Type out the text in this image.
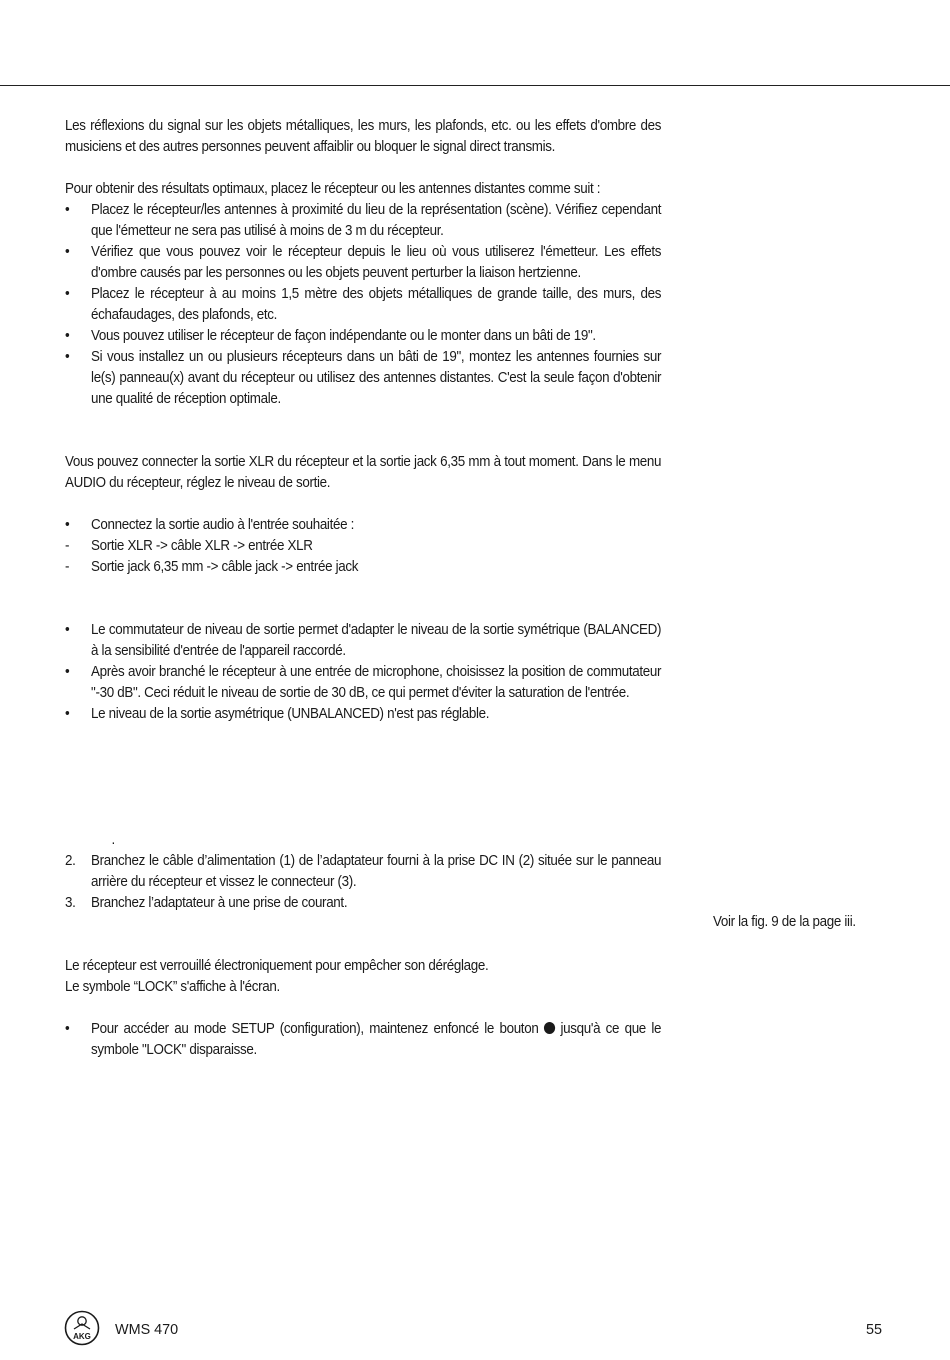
Les réflexions du signal sur les objets métalliques, les murs, les plafonds, etc. ou les effets d'ombre des musiciens et des autres personnes peuvent affaiblir ou bloquer le signal direct transmis.

Pour obtenir des résultats optimaux, placez le récepteur ou les antennes distantes comme suit :

•	Placez le récepteur/les antennes à proximité du lieu de la représentation (scène). Vérifiez cependant que l'émetteur ne sera pas utilisé à moins de 3 m du récepteur.
•	Vérifiez que vous pouvez voir le récepteur depuis le lieu où vous utiliserez l'émetteur. Les effets d'ombre causés par les personnes ou les objets peuvent perturber la liaison hertzienne.
•	Placez le récepteur à au moins 1,5 mètre des objets métalliques de grande taille, des murs, des échafaudages, des plafonds, etc.
•	Vous pouvez utiliser le récepteur de façon indépendante ou le monter dans un bâti de 19".
•	Si vous installez un ou plusieurs récepteurs dans un bâti de 19", montez les antennes fournies sur le(s) panneau(x) avant du récepteur ou utilisez des antennes distantes. C'est la seule façon d'obtenir une qualité de réception optimale.

Vous pouvez connecter la sortie XLR du récepteur et la sortie jack 6,35 mm à tout moment. Dans le menu AUDIO du récepteur, réglez le niveau de sortie.

•	Connectez la sortie audio à l'entrée souhaitée :
-	Sortie XLR -> câble XLR -> entrée XLR
-	Sortie jack 6,35 mm -> câble jack -> entrée jack
•	Le commutateur de niveau de sortie permet d'adapter le niveau de la sortie symétrique (BALANCED) à la sensibilité d'entrée de l'appareil raccordé.
•	Après avoir branché le récepteur à une entrée de microphone, choisissez la position de commutateur "-30 dB". Ceci réduit le niveau de sortie de 30 dB, ce qui permet d'éviter la saturation de l'entrée.
•	Le niveau de la sortie asymétrique (UNBALANCED) n'est pas réglable.
.
2.	Branchez le câble d’alimentation (1) de l’adaptateur fourni à la prise DC IN (2) située sur le panneau arrière du récepteur et vissez le connecteur (3).
3.	Branchez l’adaptateur à une prise de courant.

Le récepteur est verrouillé électroniquement pour empêcher son déréglage.

Le symbole “LOCK” s'affiche à l'écran.

•	Pour accéder au mode SETUP (configuration), maintenez enfoncé le bouton  jusqu'à ce que le symbole "LOCK" disparaisse.
Voir la fig. 9 de la page iii.
AKG WMS 470	55
